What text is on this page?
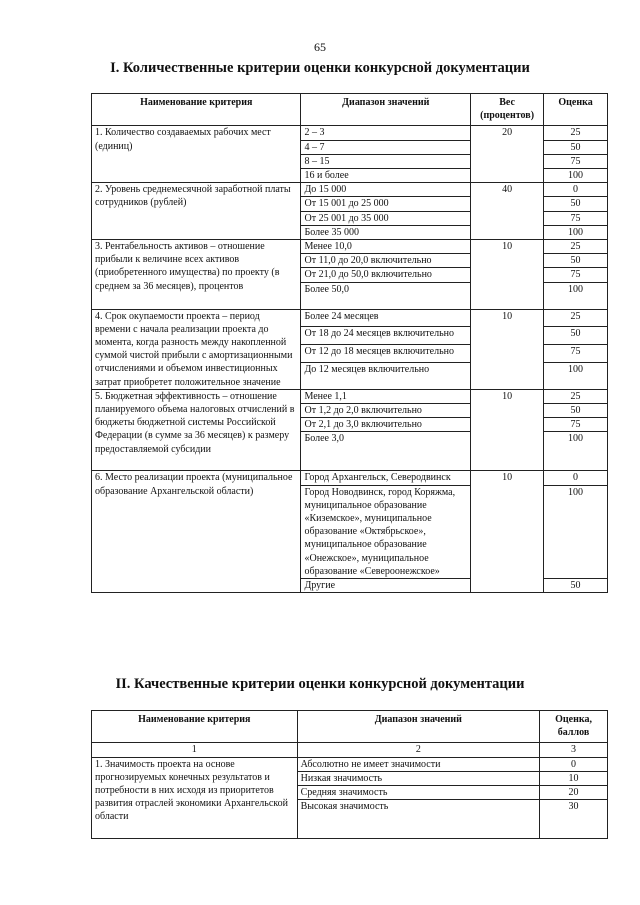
65
I. Количественные критерии оценки конкурсной документации
Наименование критерия	Диапазон значений	Вес (процентов)	Оценка
1. Количество создаваемых рабочих мест (единиц)	2 – 3	20	25
	4 – 7		50
	8 – 15		75
	16 и более		100
2. Уровень среднемесячной заработной платы сотрудников (рублей)	До 15 000	40	0
	От 15 001 до 25 000		50
	От 25 001 до 35 000		75
	Более 35 000		100
3. Рентабельность активов – отношение прибыли к величине всех активов (приобретенного имущества) по проекту (в среднем за 36 месяцев), процентов	Менее 10,0	10	25
	От 11,0 до 20,0 включительно		50
	От 21,0 до 50,0 включительно		75
	Более 50,0		100
4. Срок окупаемости проекта – период времени с начала реализации проекта до момента, когда разность между накопленной суммой чистой прибыли с амортизационными отчислениями и объемом инвестиционных затрат приобретет положительное значение	Более 24 месяцев	10	25
	От 18 до 24 месяцев включительно		50
	От 12 до 18 месяцев включительно		75
	До 12 месяцев включительно		100
5. Бюджетная эффективность – отношение планируемого объема налоговых отчислений в бюджеты бюджетной системы Российской Федерации (в сумме за 36 месяцев) к размеру предоставляемой субсидии	Менее 1,1	10	25
	От 1,2 до 2,0 включительно		50
	От 2,1 до 3,0 включительно		75
	Более 3,0		100
6. Место реализации проекта (муниципальное образование Архангельской области)	Город Архангельск, Северодвинск	10	0
	Город Новодвинск, город Коряжма, муниципальное образование «Киземское», муниципальное образование «Октябрьское», муниципальное образование «Онежское», муниципальное образование «Североонежское»		100
	Другие		50
II. Качественные критерии оценки конкурсной документации
Наименование критерия	Диапазон значений	Оценка, баллов
1	2	3
1. Значимость проекта на основе прогнозируемых конечных результатов и потребности в них исходя из приоритетов развития отраслей экономики Архангельской области	Абсолютно не имеет значимости	0
	Низкая значимость	10
	Средняя значимость	20
	Высокая значимость	30
